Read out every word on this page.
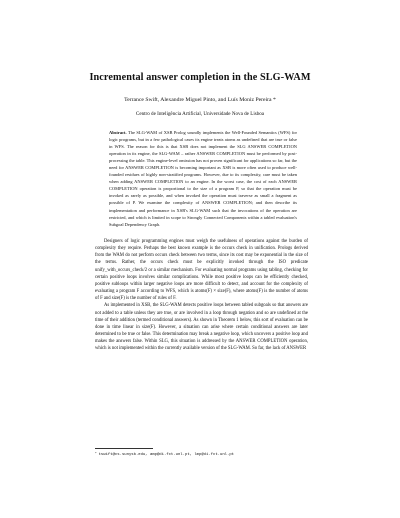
Incremental answer completion in the SLG-WAM
Terrance Swift, Alexandre Miguel Pinto, and Luís Moniz Pereira *
Centro de Inteligência Artificial, Universidade Nova de Lisboa

Abstract. The SLG-WAM of XSB Prolog soundly implements the Well-Founded Semantics (WFS) for logic programs, but in a few pathological cases its engine treats atoms as undefined that are true or false in WFS. The reason for this is that XSB does not implement the SLG ANSWER COMPLETION operation in its engine, the SLG-WAM – rather ANSWER COMPLETION must be performed by post-processing the table. This engine-level omission has not proven significant for applications so far, but the need for ANSWER COMPLETION is becoming important as XSB is more often used to produce well-founded residues of highly non-stratified programs. However, due to its complexity, care must be taken when adding ANSWER COMPLETION to an engine. In the worst case, the cost of each ANSWER COMPLETION operation is proportional to the size of a program P, so that the operation must be invoked as rarely as possible, and when invoked the operation must traverse as small a fragment as possible of P. We examine the complexity of ANSWER COMPLETION; and then describe its implementation and performance in XSB's SLG-WAM such that the invocations of the operation are restricted, and which is limited in scope to Strongly Connected Components within a tabled evaluation's Subgoal Dependency Graph.

Designers of logic programming engines must weigh the usefulness of operations against the burden of complexity they require. Perhaps the best known example is the occurs check in unification. Prologs derived from the WAM do not perform occurs check between two terms, since its cost may be exponential in the size of the terms. Rather, the occurs check must be explicitly invoked through the ISO predicate unify_with_occurs_check/2 or a similar mechanism. For evaluating normal programs using tabling, checking for certain positive loops involves similar complications. While most positive loops can be efficiently checked, positive subloops within larger negative loops are more difficult to detect, and account for the complexity of evaluating a program F according to WFS, which is atoms(F) × size(F), where atoms(F) is the number of atoms of F and size(F) is the number of rules of F.

As implemented in XSB, the SLG-WAM detects positive loops between tabled subgoals so that answers are not added to a table unless they are true, or are involved in a loop through negation and so are undefined at the time of their addition (termed conditional answers). As shown in Theorem 1 below, this sort of evaluation can be done in time linear in size(F). However, a situation can arise where certain conditional answers are later determined to be true or false. This determination may break a negative loop, which uncovers a positive loop and makes the answers false. Within SLG, this situation is addressed by the ANSWER COMPLETION operation, which is not implemented within the currently available version of the SLG-WAM. So far, the lack of ANSWER

*tswift@cs.sunysb.edu, amp@di.fct.unl.pt, lmp@di.fct.unl.pt
